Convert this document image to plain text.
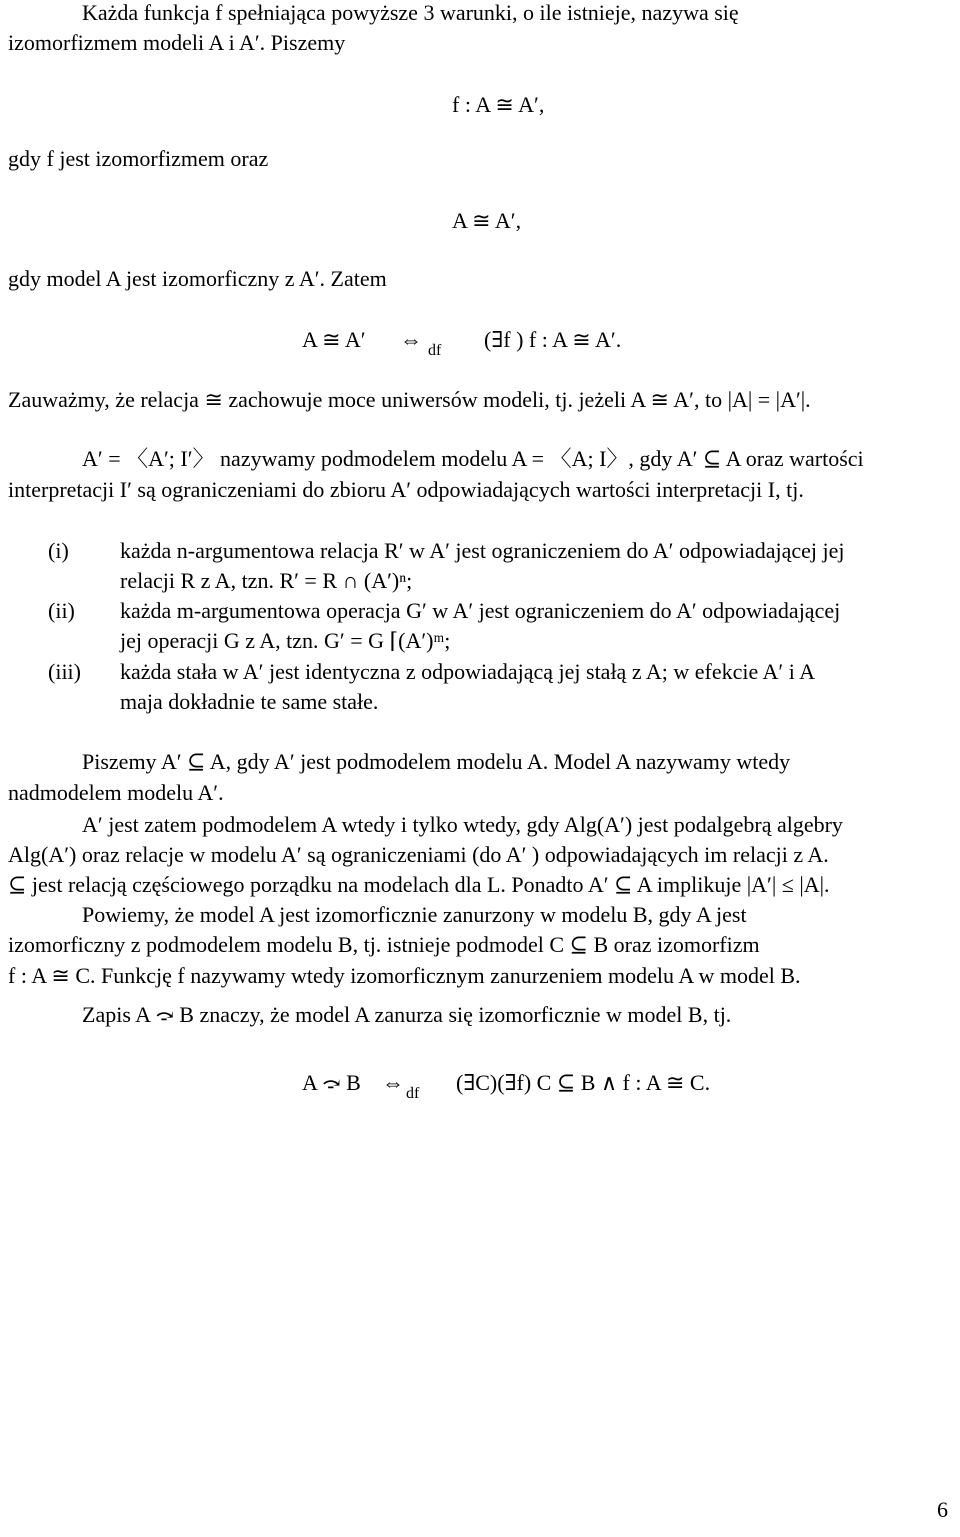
Każda funkcja f spełniająca powyższe 3 warunki, o ile istnieje, nazywa się
izomorfizmem modeli A i A′. Piszemy
f : A ≅ A′,
gdy f jest izomorfizmem oraz
A ≅ A′,
gdy model A jest izomorficzny z A′. Zatem
A ≅ A′ ⇔ df (∃f ) f : A ≅ A′.
Zauważmy, że relacja ≅ zachowuje moce uniwersów modeli, tj. jeżeli A ≅ A′, to |A| = |A′|.
A′ = 〈A′; I′〉 nazywamy podmodelem modelu A = 〈A; I〉, gdy A′ ⊆ A oraz wartości
interpretacji I′ są ograniczeniami do zbioru A′ odpowiadających wartości interpretacji I, tj.
(i) każda n-argumentowa relacja R′ w A′ jest ograniczeniem do A′ odpowiadającej jej
relacji R z A, tzn. R′ = R ∩ (A′)ⁿ;
(ii) każda m-argumentowa operacja G′ w A′ jest ograniczeniem do A′ odpowiadającej
jej operacji G z A, tzn. G′ = G ⌈(A′)ᵐ;
(iii) każda stała w A′ jest identyczna z odpowiadającą jej stałą z A; w efekcie A′ i A
maja dokładnie te same stałe.
Piszemy A′ ⊆ A, gdy A′ jest podmodelem modelu A. Model A nazywamy wtedy
nadmodelem modelu A′.
A′ jest zatem podmodelem A wtedy i tylko wtedy, gdy Alg(A′) jest podalgebrą algebry
Alg(A′) oraz relacje w modelu A′ są ograniczeniami (do A′ ) odpowiadających im relacji z A.
⊆ jest relacją częściowego porządku na modelach dla L. Ponadto A′ ⊆ A implikuje |A′| ≤ |A|.
Powiemy, że model A jest izomorficznie zanurzony w modelu B, gdy A jest
izomorficzny z podmodelem modelu B, tj. istnieje podmodel C ⊆ B oraz izomorfizm
f : A ≅ C. Funkcję f nazywamy wtedy izomorficznym zanurzeniem modelu A w model B.
Zapis A ⤼ B znaczy, że model A zanurza się izomorficznie w model B, tj.
A ⤼ B ⇔ df (∃C)(∃f) C ⊆ B ∧ f : A ≅ C.
6
